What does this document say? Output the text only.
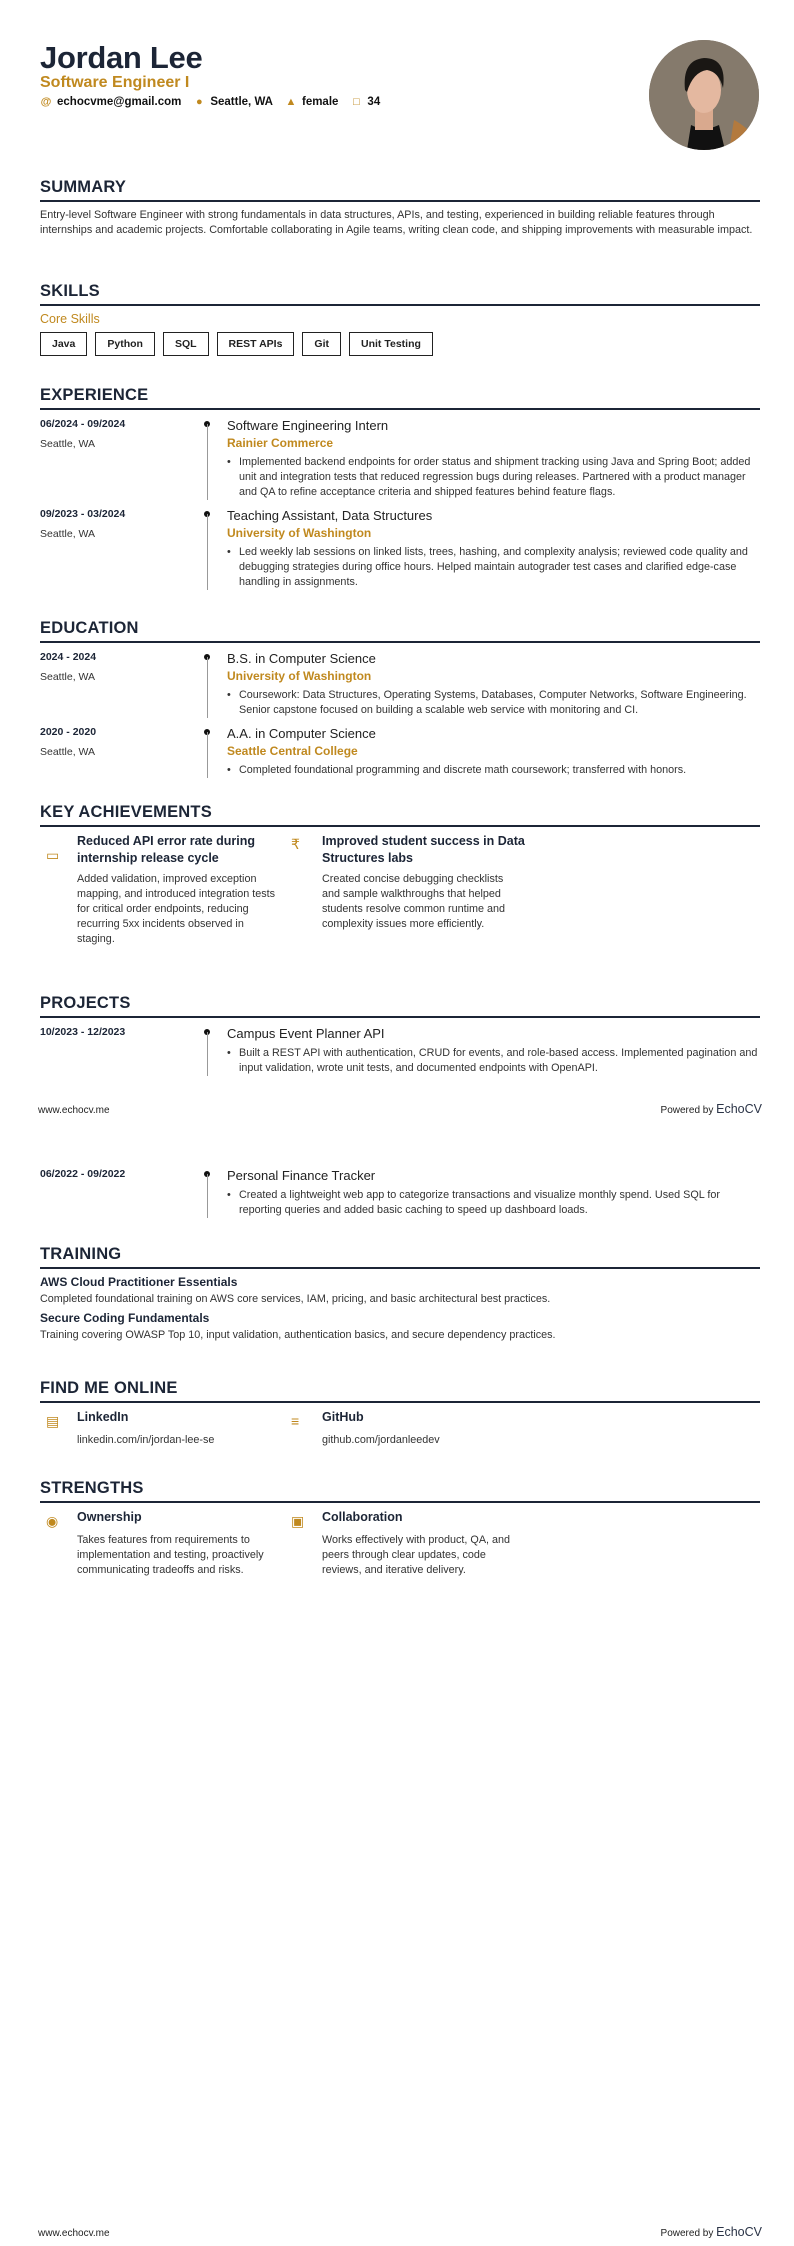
Jordan Lee
Software Engineer I
@ echocvme@gmail.com ● Seattle, WA ▲ female □ 34
SUMMARY
Entry-level Software Engineer with strong fundamentals in data structures, APIs, and testing, experienced in building reliable features through internships and academic projects. Comfortable collaborating in Agile teams, writing clean code, and shipping improvements with measurable impact.
SKILLS
Core Skills
Java	Python	SQL	REST APIs	Git	Unit Testing
EXPERIENCE
06/2024 - 09/2024
Seattle, WA
Software Engineering Intern
Rainier Commerce
• Implemented backend endpoints for order status and shipment tracking using Java and Spring Boot; added unit and integration tests that reduced regression bugs during releases. Partnered with a product manager and QA to refine acceptance criteria and shipped features behind feature flags.
09/2023 - 03/2024
Seattle, WA
Teaching Assistant, Data Structures
University of Washington
• Led weekly lab sessions on linked lists, trees, hashing, and complexity analysis; reviewed code quality and debugging strategies during office hours. Helped maintain autograder test cases and clarified edge-case handling in assignments.
EDUCATION
2024 - 2024
Seattle, WA
B.S. in Computer Science
University of Washington
• Coursework: Data Structures, Operating Systems, Databases, Computer Networks, Software Engineering. Senior capstone focused on building a scalable web service with monitoring and CI.
2020 - 2020
Seattle, WA
A.A. in Computer Science
Seattle Central College
• Completed foundational programming and discrete math coursework; transferred with honors.
KEY ACHIEVEMENTS
▭
Reduced API error rate during internship release cycle
Added validation, improved exception mapping, and introduced integration tests for critical order endpoints, reducing recurring 5xx incidents observed in staging.
₹	Improved student success in Data Structures labs
Created concise debugging checklists and sample walkthroughs that helped students resolve common runtime and complexity issues more efficiently.
PROJECTS
10/2023 - 12/2023	Campus Event Planner API
• Built a REST API with authentication, CRUD for events, and role-based access. Implemented pagination and input validation, wrote unit tests, and documented endpoints with OpenAPI.
www.echocv.me	Powered by EchoCV
06/2022 - 09/2022	Personal Finance Tracker
• Created a lightweight web app to categorize transactions and visualize monthly spend. Used SQL for reporting queries and added basic caching to speed up dashboard loads.
TRAINING
AWS Cloud Practitioner Essentials
Completed foundational training on AWS core services, IAM, pricing, and basic architectural best practices.
Secure Coding Fundamentals
Training covering OWASP Top 10, input validation, authentication basics, and secure dependency practices.
FIND ME ONLINE
▤	LinkedIn
linkedin.com/in/jordan-lee-se
≡	GitHub
github.com/jordanleedev
STRENGTHS
◉	Ownership
Takes features from requirements to implementation and testing, proactively communicating tradeoffs and risks.
▣	Collaboration
Works effectively with product, QA, and peers through clear updates, code reviews, and iterative delivery.
www.echocv.me	Powered by EchoCV
